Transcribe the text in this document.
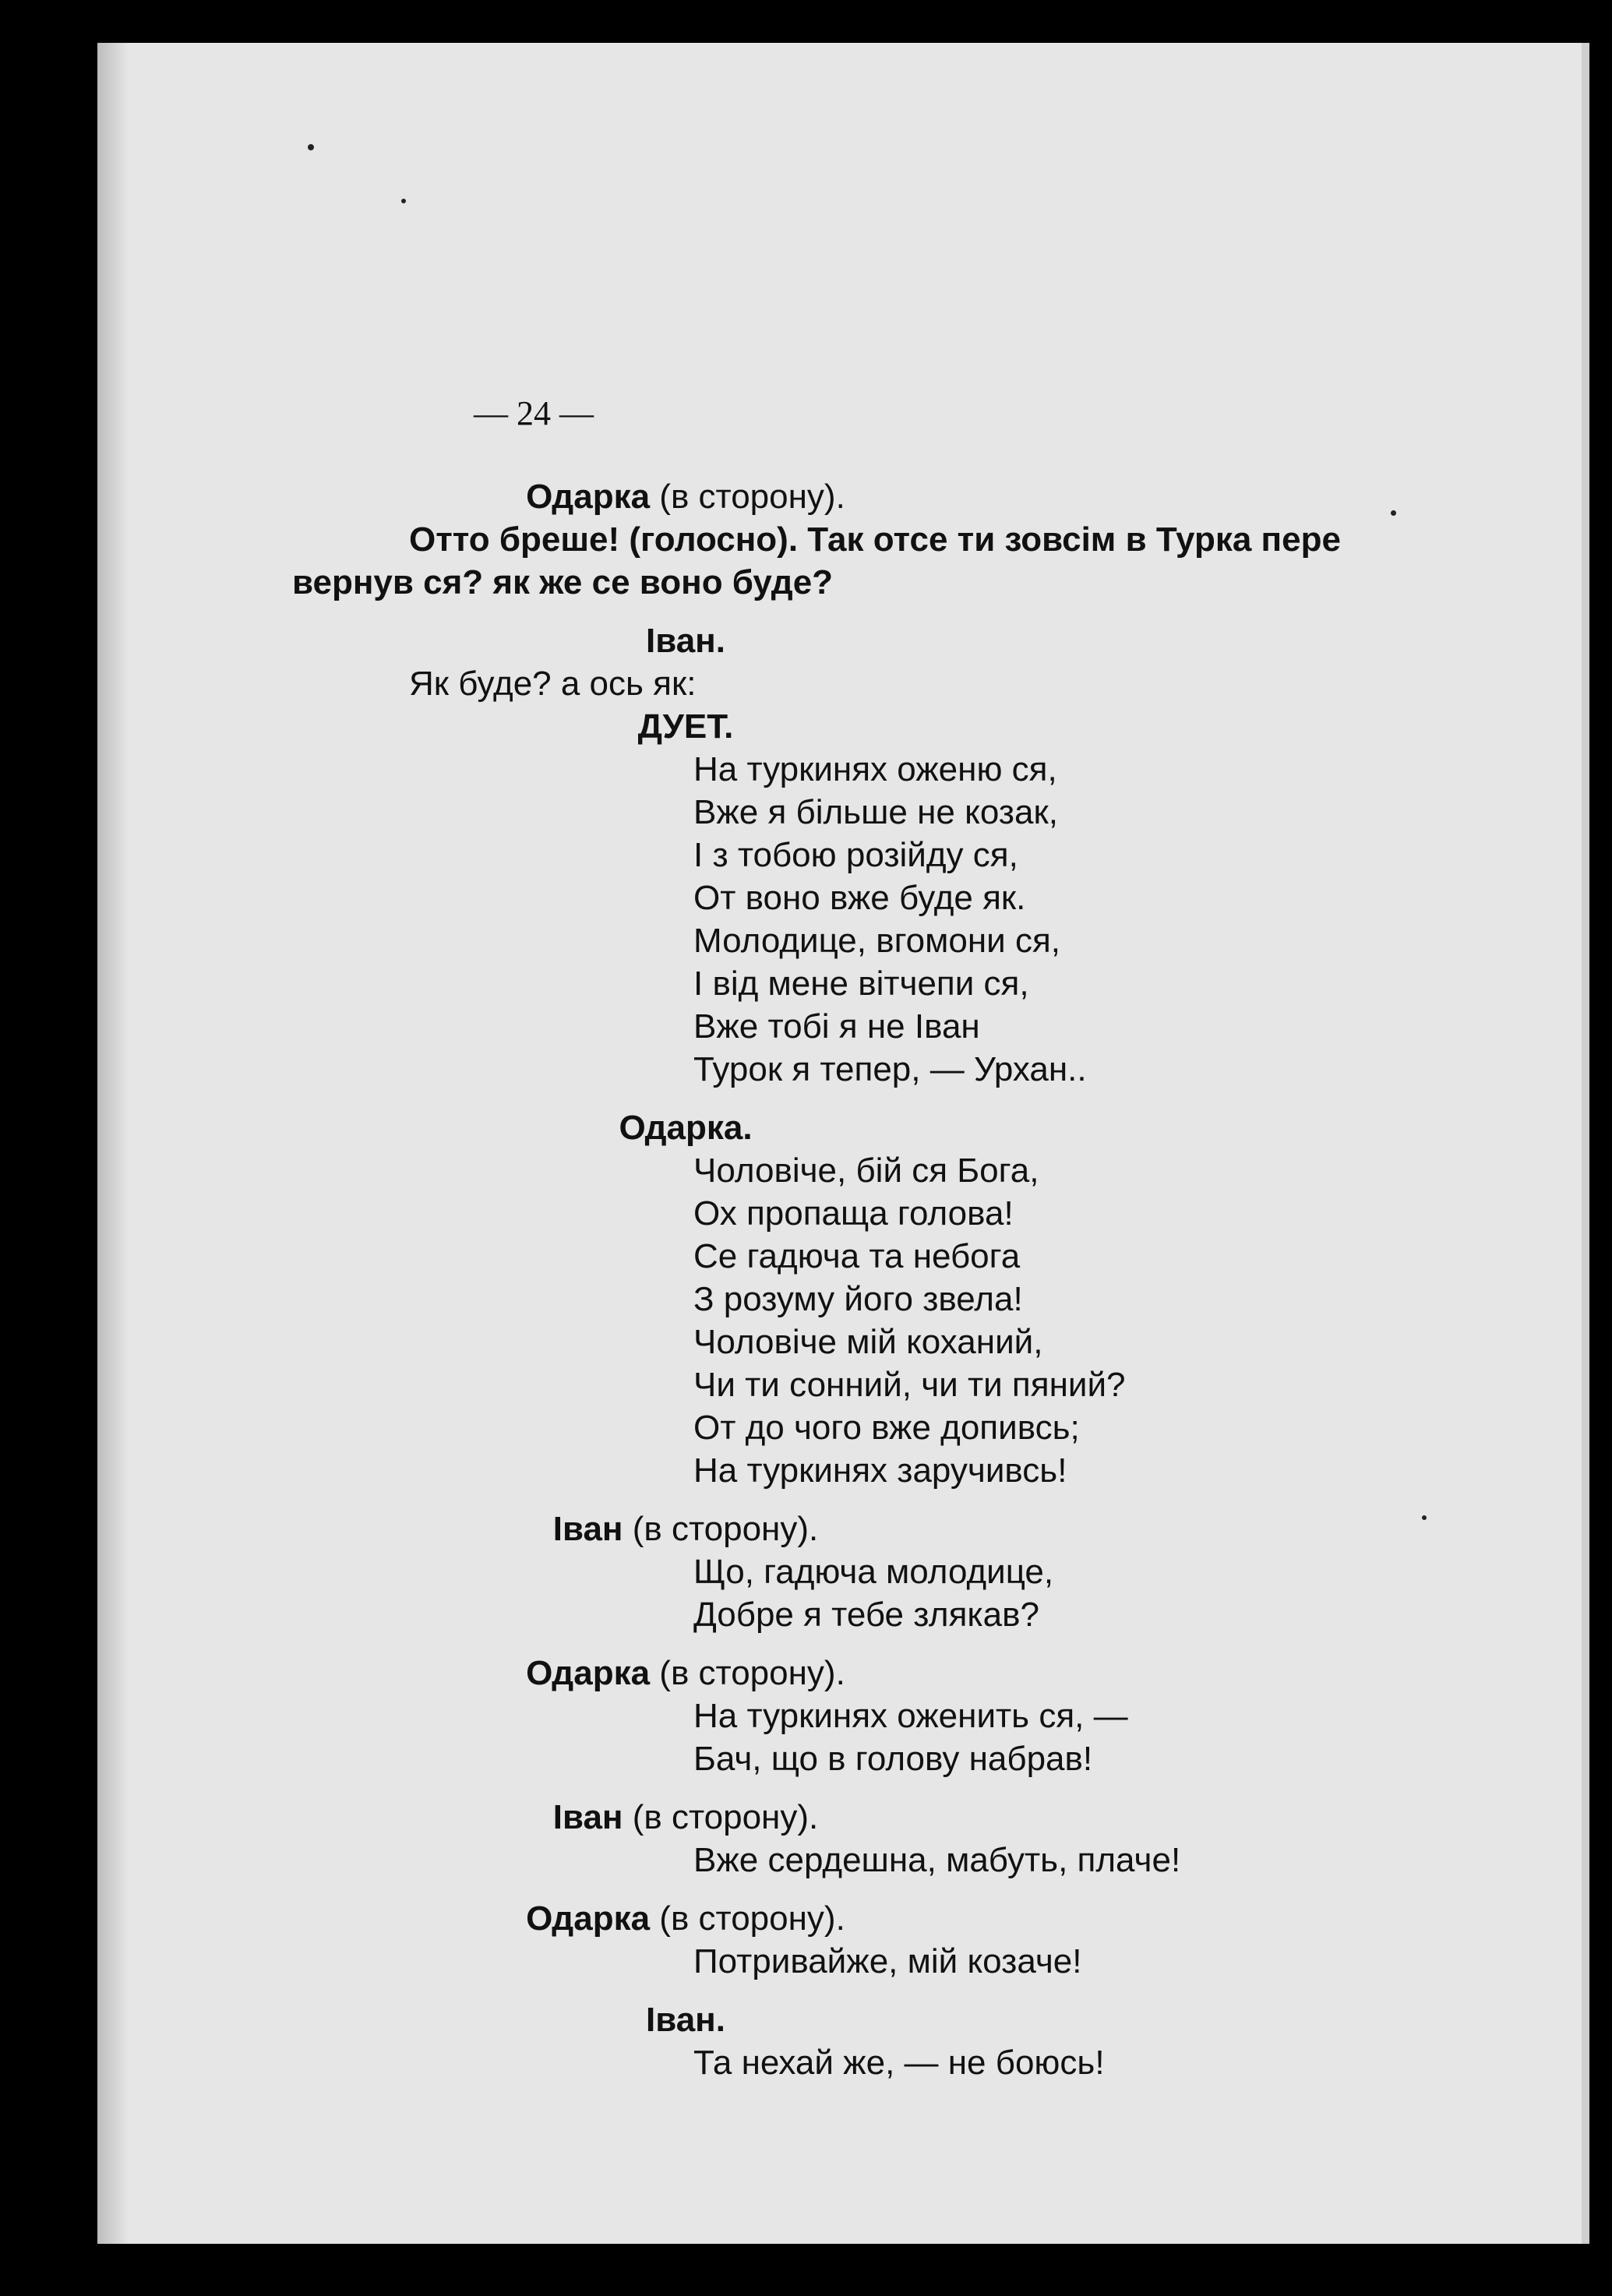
— 24 —
Одарка (в сторону).

Отто бреше! (голосно). Так отсе ти зовсім в Турка пере

вернув ся? як же се воно буде?

Іван.

Як буде? а ось як:

ДУЕТ.
На туркинях оженю ся,
Вже я більше не козак,
І з тобою розійду ся,
От воно вже буде як.
Молодице, вгомони ся,
І від мене вітчепи ся,
Вже тобі я не Іван
Турок я тепер, — Урхан..
Одарка.
Чоловіче, бій ся Бога,
Ох пропаща голова!
Се гадюча та небога
З розуму його звела!
Чоловіче мій коханий,
Чи ти сонний, чи ти пяний?
От до чого вже допивсь;
На туркинях заручивсь!
Іван (в сторону).
Що, гадюча молодице,
Добре я тебе злякав?
Одарка (в сторону).
На туркинях оженить ся, —
Бач, що в голову набрав!
Іван (в сторону).
Вже сердешна, мабуть, плаче!
Одарка (в сторону).
Потривайже, мій козаче!
Іван.
Та нехай же, — не боюсь!
